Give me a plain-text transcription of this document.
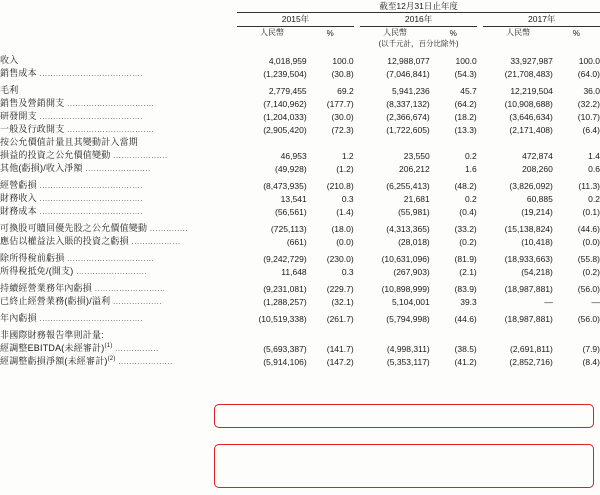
	截至12月31日止年度							
	2015年			2016年			2017年	

	人民幣	%		人民幣	%		人民幣	%
				(以千元計，百分比除外)				

收入	4,018,959	100.0		12,988,077	100.0		33,927,987	100.0
銷售成本 ......................................	(1,239,504)	(30.8)		(7,046,841)	(54.3)		(21,708,483)	(64.0)

毛利	2,779,455	69.2		5,941,236	45.7		12,219,504	36.0
銷售及營銷開支 ................................	(7,140,962)	(177.7)		(8,337,132)	(64.2)		(10,908,688)	(32.2)
研發開支 ......................................	(1,204,033)	(30.0)		(2,366,674)	(18.2)		(3,646,634)	(10.7)
一般及行政開支 ................................	(2,905,420)	(72.3)		(1,722,605)	(13.3)		(2,171,408)	(6.4)
按公允價值計量且其變動計入當期								
損益的投資之公允價值變動 ....................	46,953	1.2		23,550	0.2		472,874	1.4
其他(虧損)/收入淨額 ........................	(49,928)	(1.2)		206,212	1.6		208,260	0.6

經營虧損 ......................................	(8,473,935)	(210.8)		(6,255,413)	(48.2)		(3,826,092)	(11.3)
財務收入 ......................................	13,541	0.3		21,681	0.2		60,885	0.2
財務成本 ......................................	(56,561)	(1.4)		(55,981)	(0.4)		(19,214)	(0.1)

可換股可贖回優先股之公允價值變動 ..............	(725,113)	(18.0)		(4,313,365)	(33.2)		(15,138,824)	(44.6)
應佔以權益法入賬的投資之虧損 ..................	(661)	(0.0)		(28,018)	(0.2)		(10,418)	(0.0)

除所得稅前虧損 ................................	(9,242,729)	(230.0)		(10,631,096)	(81.9)		(18,933,663)	(55.8)
所得稅抵免/(開支) ..........................	11,648	0.3		(267,903)	(2.1)		(54,218)	(0.2)

持續經營業務年內虧損 ..........................	(9,231,081)	(229.7)		(10,898,999)	(83.9)		(18,987,881)	(56.0)
已終止經營業務(虧損)/溢利 ..................	(1,288,257)	(32.1)		5,104,001	39.3		—	—

年內虧損 ......................................	(10,519,338)	(261.7)		(5,794,998)	(44.6)		(18,987,881)	(56.0)

非國際財務報告準則計量:								
經調整EBITDA(未經審計)$^{(1)}$ ................	(5,693,387)	(141.7)		(4,998,311)	(38.5)		(2,691,811)	(7.9)
經調整虧損淨額(未經審計)$^{(2)}$ ....................	(5,914,106)	(147.2)		(5,353,117)	(41.2)		(2,852,716)	(8.4)
